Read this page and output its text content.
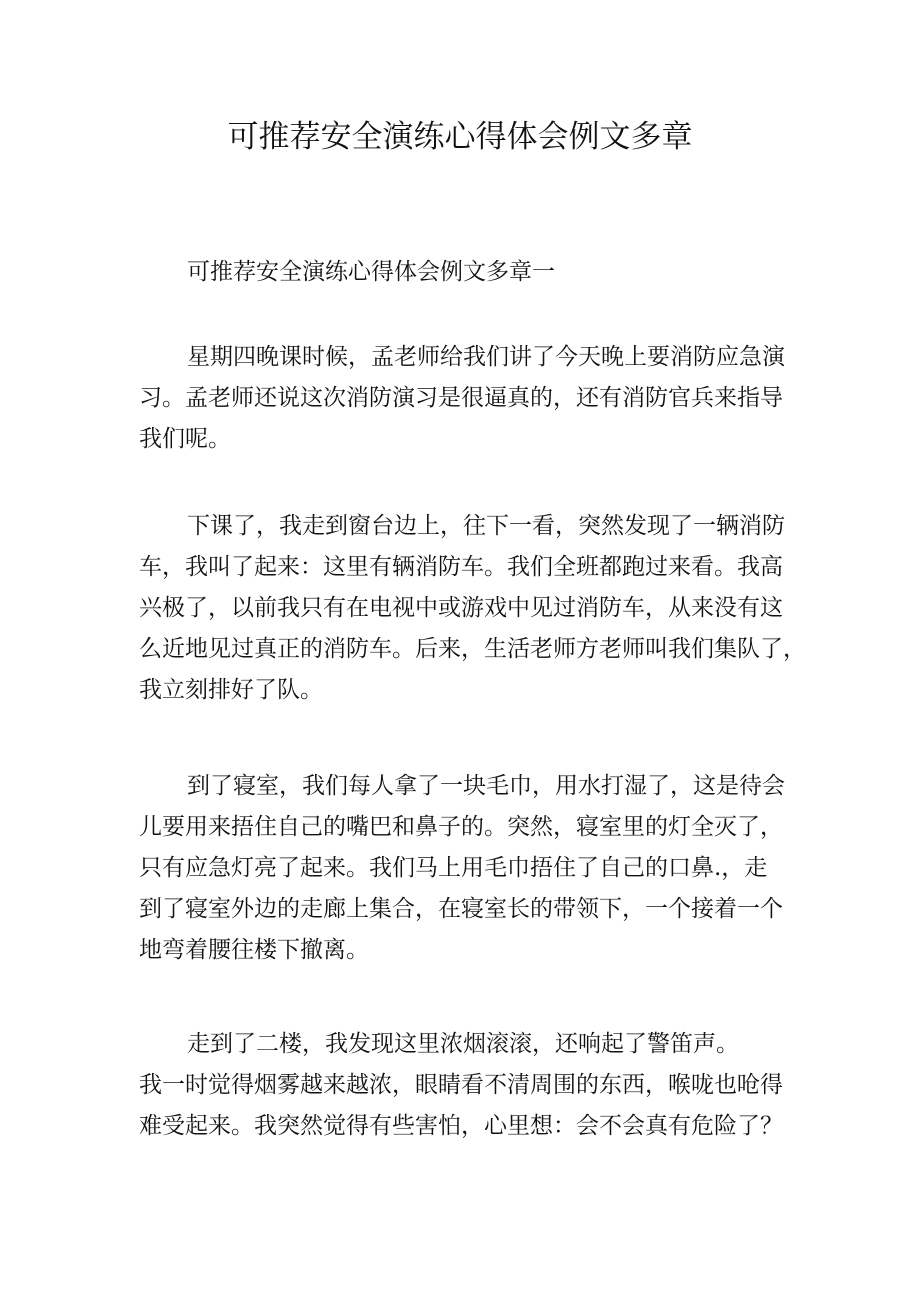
可推荐安全演练心得体会例文多章
可推荐安全演练心得体会例文多章一
星期四晚课时候，孟老师给我们讲了今天晚上要消防应急演
习。孟老师还说这次消防演习是很逼真的，还有消防官兵来指导
我们呢。
下课了，我走到窗台边上，往下一看，突然发现了一辆消防
车，我叫了起来：这里有辆消防车。我们全班都跑过来看。我高
兴极了，以前我只有在电视中或游戏中见过消防车，从来没有这
么近地见过真正的消防车。后来，生活老师方老师叫我们集队了，
我立刻排好了队。
到了寝室，我们每人拿了一块毛巾，用水打湿了，这是待会
儿要用来捂住自己的嘴巴和鼻子的。突然，寝室里的灯全灭了，
只有应急灯亮了起来。我们马上用毛巾捂住了自己的口鼻.，走
到了寝室外边的走廊上集合，在寝室长的带领下，一个接着一个
地弯着腰往楼下撤离。
走到了二楼，我发现这里浓烟滚滚，还响起了警笛声。
我一时觉得烟雾越来越浓，眼睛看不清周围的东西，喉咙也呛得
难受起来。我突然觉得有些害怕，心里想：会不会真有危险了？
